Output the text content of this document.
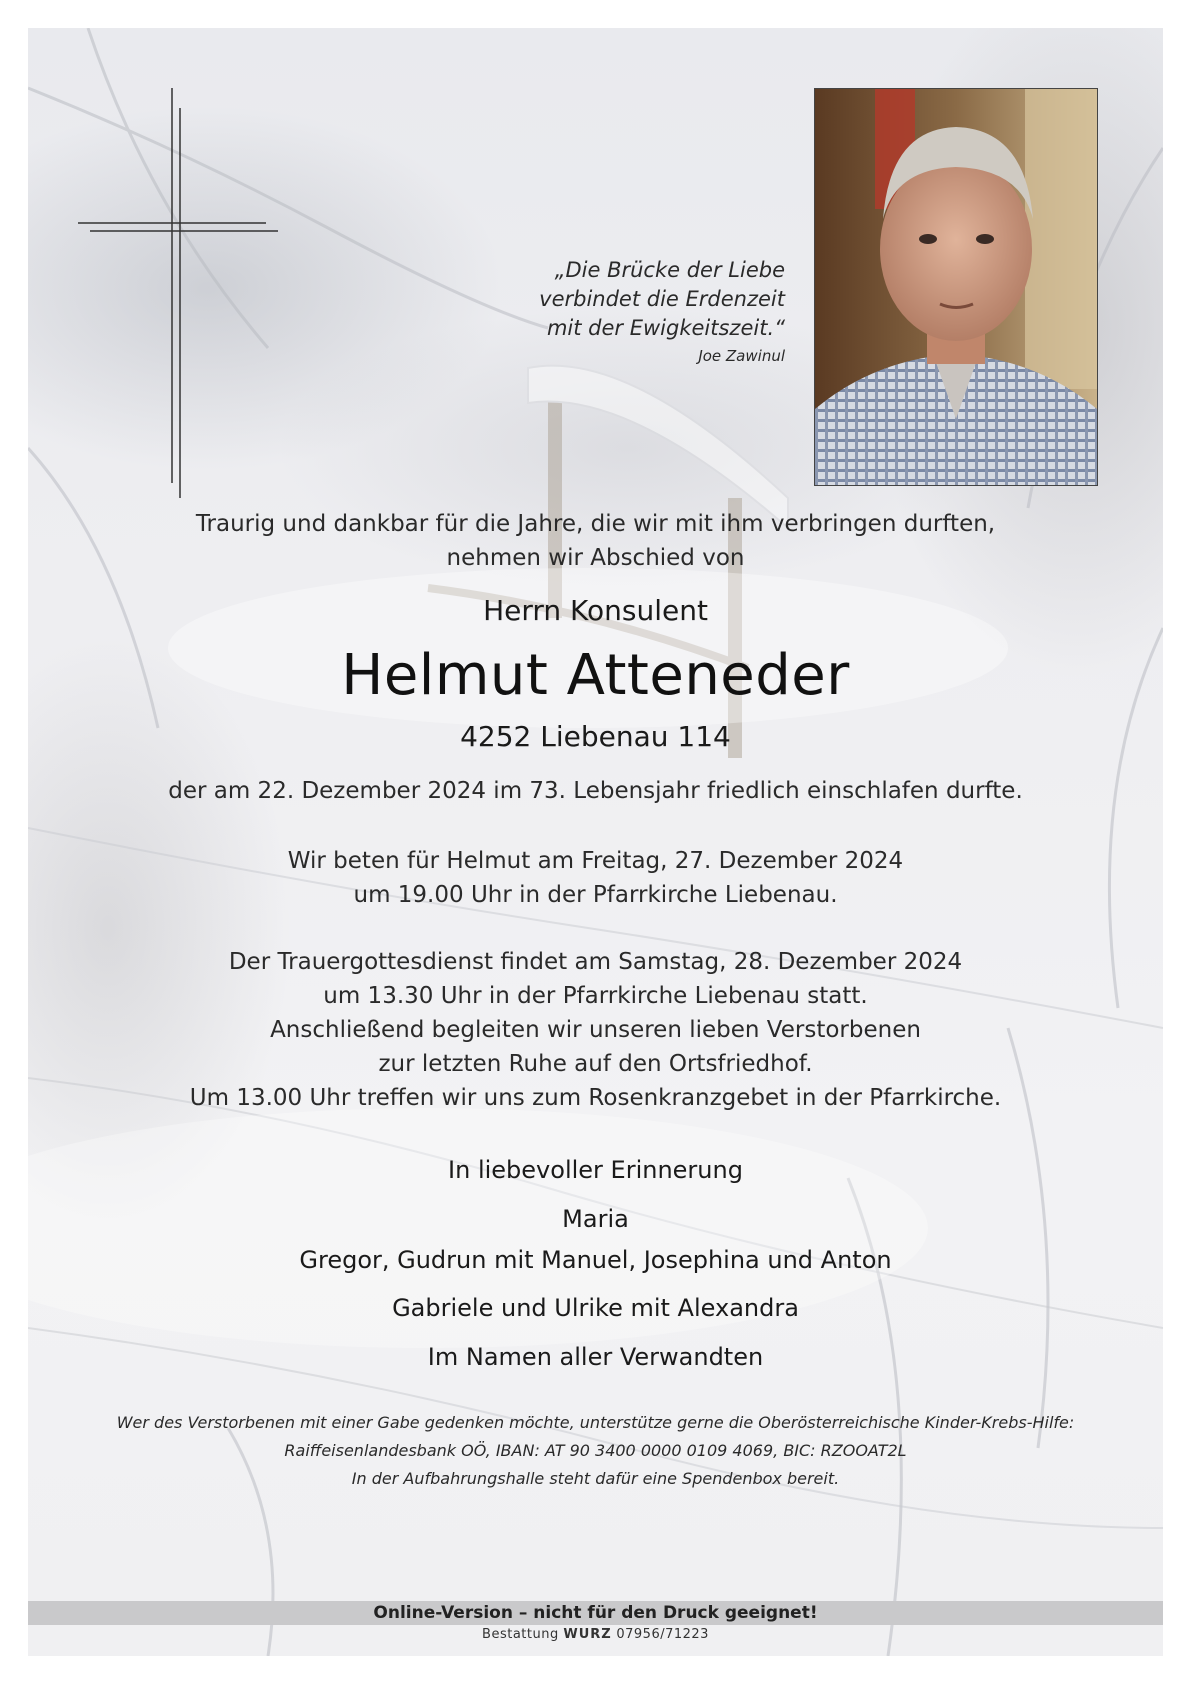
„Die Brücke der Liebe
verbindet die Erdenzeit
mit der Ewigkeitszeit.“
Joe Zawinul
Traurig und dankbar für die Jahre, die wir mit ihm verbringen durften,
nehmen wir Abschied von
Herrn Konsulent
Helmut Atteneder
4252 Liebenau 114
der am 22. Dezember 2024 im 73. Lebensjahr friedlich einschlafen durfte.
Wir beten für Helmut am Freitag, 27. Dezember 2024
um 19.00 Uhr in der Pfarrkirche Liebenau.
Der Trauergottesdienst findet am Samstag, 28. Dezember 2024
um 13.30 Uhr in der Pfarrkirche Liebenau statt.
Anschließend begleiten wir unseren lieben Verstorbenen
zur letzten Ruhe auf den Ortsfriedhof.
Um 13.00 Uhr treffen wir uns zum Rosenkranzgebet in der Pfarrkirche.
In liebevoller Erinnerung
Maria
Gregor, Gudrun mit Manuel, Josephina und Anton
Gabriele und Ulrike mit Alexandra
Im Namen aller Verwandten
Wer des Verstorbenen mit einer Gabe gedenken möchte, unterstütze gerne die Oberösterreichische Kinder-Krebs-Hilfe:
Raiffeisenlandesbank OÖ, IBAN: AT 90 3400 0000 0109 4069, BIC: RZOOAT2L
In der Aufbahrungshalle steht dafür eine Spendenbox bereit.
Online-Version – nicht für den Druck geeignet!
Bestattung WURZ 07956/71223
